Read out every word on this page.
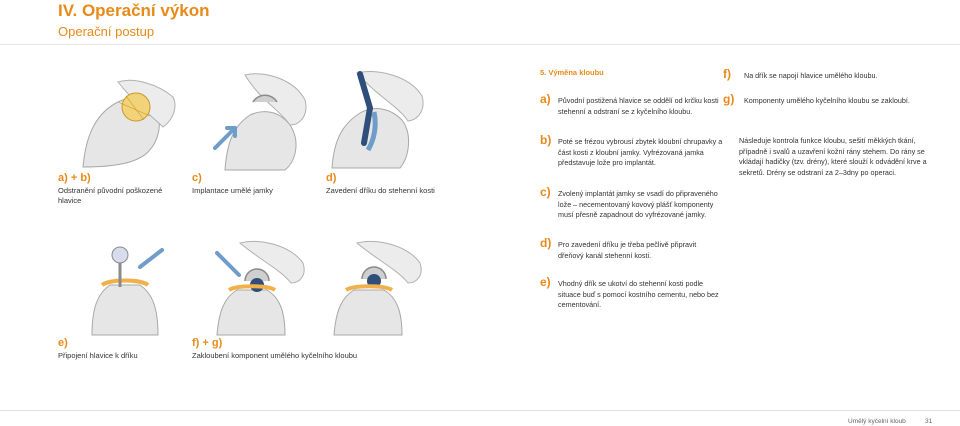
IV. Operační výkon
Operační postup
a) + b)
Odstranění původní poškozené hlavice
c)
Implantace umělé jamky
d)
Zavedení dříku do stehenní kosti
e)
Připojení hlavice k dříku
f) + g)
Zakloubení komponent umělého kyčelního kloubu
5. Výměna kloubu
a) Původní postižená hlavice se oddělí od krčku kosti stehenní a odstraní se z kyčelního kloubu.
b) Poté se frézou vybrousí zbytek kloubní chrupavky a část kosti z kloubní jamky. Vyfrézovaná jamka představuje lože pro implantát.
c) Zvolený implantát jamky se vsadí do připraveného lože – necementovaný kovový plášť komponenty musí přesně zapadnout do vyfrézované jamky.
d) Pro zavedení dříku je třeba pečlivě připravit dřeňový kanál stehenní kosti.
e) Vhodný dřík se ukotví do stehenní kosti podle situace buď s pomocí kostního cementu, nebo bez cementování.
f) Na dřík se napojí hlavice umělého kloubu.
g) Komponenty umělého kyčelního kloubu se zakloubí.
Následuje kontrola funkce kloubu, sešití měkkých tkání, případně i svalů a uzavření kožní rány stehem. Do rány se vkládají hadičky (tzv. drény), které slouží k odvádění krve a sekretů. Drény se odstraní za 2–3dny po operaci.
Umělý kyčelní kloub	31
